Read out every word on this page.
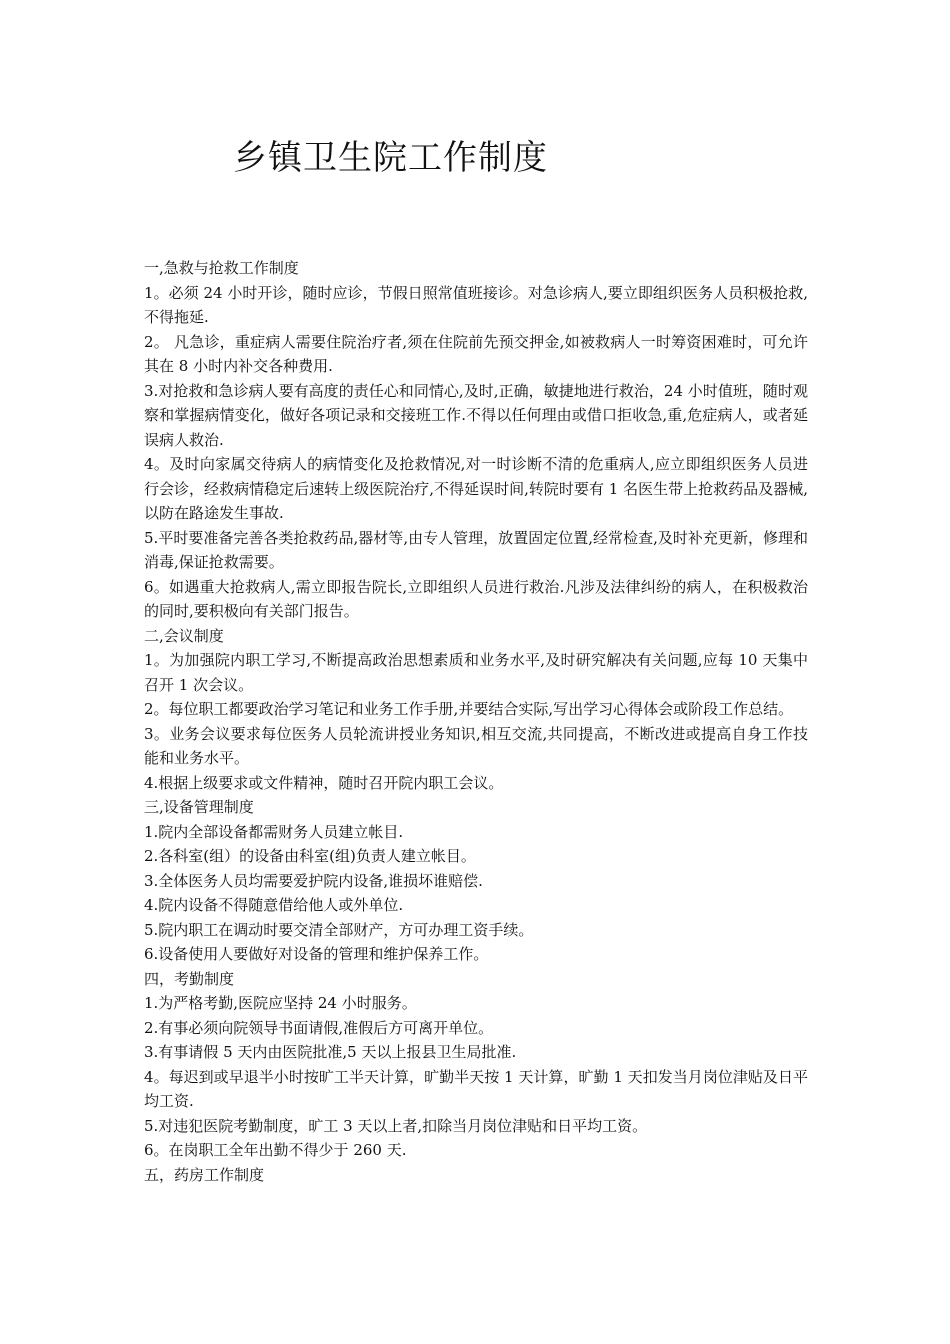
乡镇卫生院工作制度

一,急救与抢救工作制度

1。必须 24 小时开诊，随时应诊，节假日照常值班接诊。对急诊病人,要立即组织医务人员积极抢救,不得拖延.

2。 凡急诊，重症病人需要住院治疗者,须在住院前先预交押金,如被救病人一时筹资困难时，可允许其在 8 小时内补交各种费用.

3.对抢救和急诊病人要有高度的责任心和同情心,及时,正确，敏捷地进行救治，24 小时值班，随时观察和掌握病情变化，做好各项记录和交接班工作.不得以任何理由或借口拒收急,重,危症病人，或者延误病人救治.

4。及时向家属交待病人的病情变化及抢救情况,对一时诊断不清的危重病人,应立即组织医务人员进行会诊，经救病情稳定后速转上级医院治疗,不得延误时间,转院时要有 1 名医生带上抢救药品及器械,以防在路途发生事故.

5.平时要准备完善各类抢救药品,器材等,由专人管理，放置固定位置,经常检查,及时补充更新，修理和消毒,保证抢救需要。

6。如遇重大抢救病人,需立即报告院长,立即组织人员进行救治.凡涉及法律纠纷的病人，在积极救治的同时,要积极向有关部门报告。

二,会议制度

1。为加强院内职工学习,不断提高政治思想素质和业务水平,及时研究解决有关问题,应每 10 天集中召开 1 次会议。

2。每位职工都要政治学习笔记和业务工作手册,并要结合实际,写出学习心得体会或阶段工作总结。

3。业务会议要求每位医务人员轮流讲授业务知识,相互交流,共同提高，不断改进或提高自身工作技能和业务水平。

4.根据上级要求或文件精神，随时召开院内职工会议。

三,设备管理制度

1.院内全部设备都需财务人员建立帐目.

2.各科室(组）的设备由科室(组)负责人建立帐目。

3.全体医务人员均需要爱护院内设备,谁损坏谁赔偿.

4.院内设备不得随意借给他人或外单位.

5.院内职工在调动时要交清全部财产，方可办理工资手续。

6.设备使用人要做好对设备的管理和维护保养工作。

四，考勤制度

1.为严格考勤,医院应坚持 24 小时服务。

2.有事必须向院领导书面请假,准假后方可离开单位。

3.有事请假 5 天内由医院批准,5 天以上报县卫生局批准.

4。每迟到或早退半小时按旷工半天计算，旷勤半天按 1 天计算，旷勤 1 天扣发当月岗位津贴及日平均工资.

5.对违犯医院考勤制度，旷工 3 天以上者,扣除当月岗位津贴和日平均工资。

6。在岗职工全年出勤不得少于 260 天.

五，药房工作制度
